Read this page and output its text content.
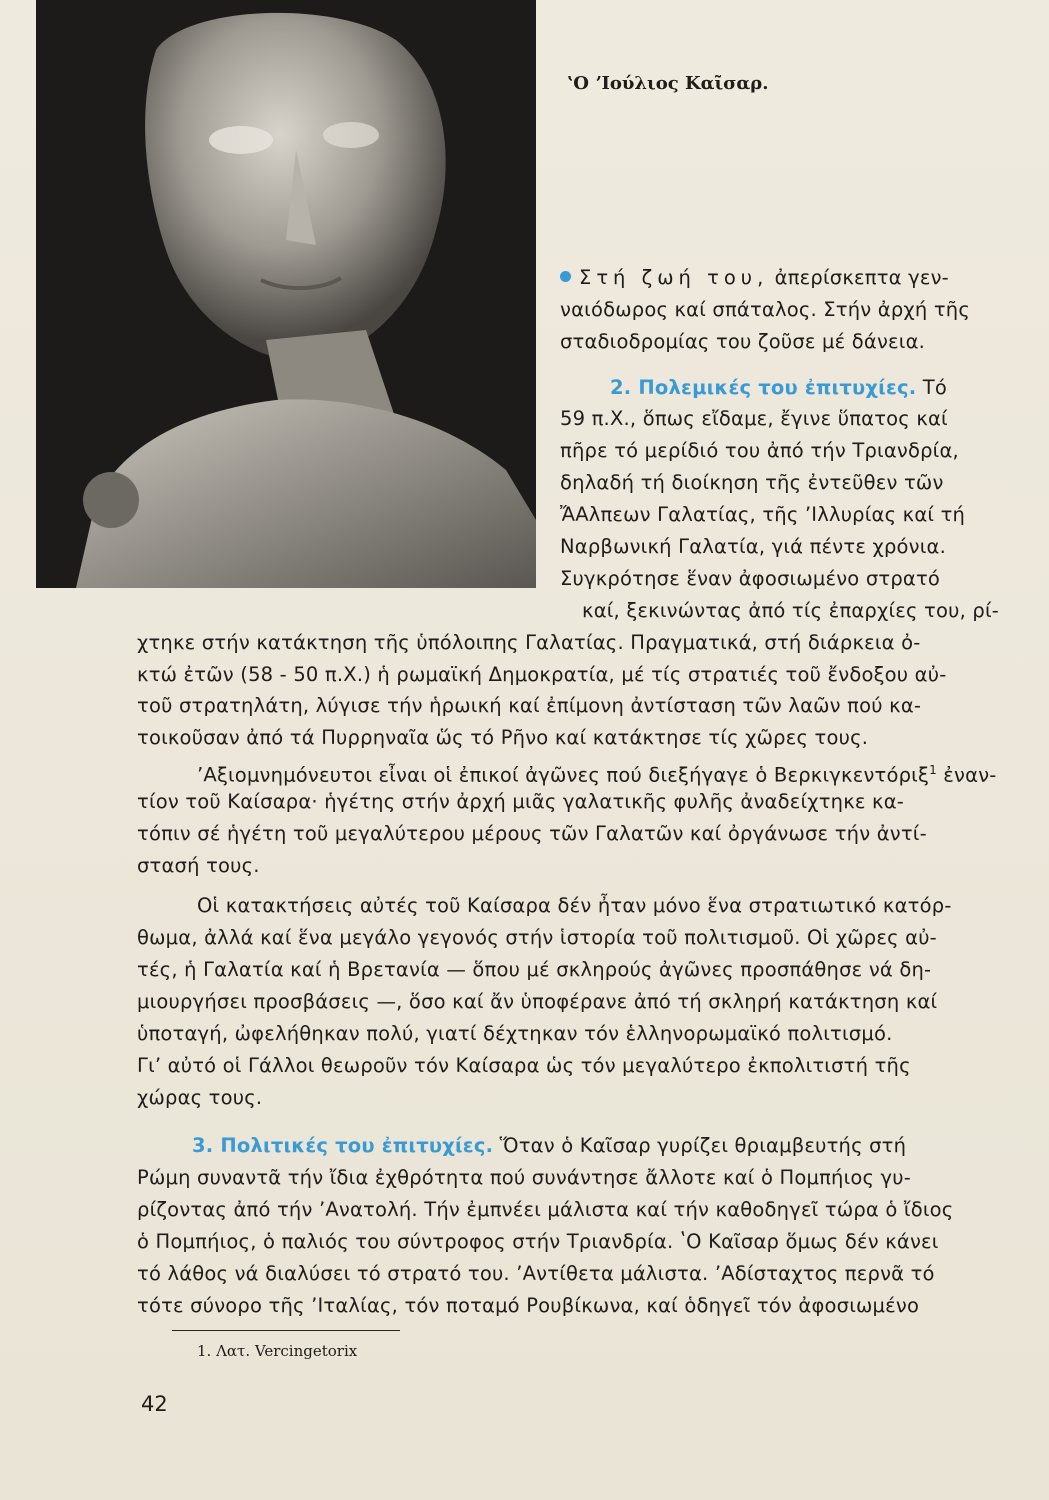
ʽΟ ʼΙούλιος Καῖσαρ.
Στή ζωή του, ἀπερίσκεπτα γεν-
ναιόδωρος καί σπάταλος. Στήν ἀρχή τῆς
σταδιοδρομίας του ζοῦσε μέ δάνεια.
2. Πολεμικές του ἐπιτυχίες. Τό
59 π.Χ., ὅπως εἴδαμε, ἔγινε ὕπατος καί
πῆρε τό μερίδιό του ἀπό τήν Τριανδρία,
δηλαδή τή διοίκηση τῆς ἐντεῦθεν τῶν
ἌΑλπεων Γαλατίας, τῆς ʼΙλλυρίας καί τή
Ναρβωνική Γαλατία, γιά πέντε χρόνια.
Συγκρότησε ἕναν ἀφοσιωμένο στρατό
καί, ξεκινώντας ἀπό τίς ἐπαρχίες του, ρί-
χτηκε στήν κατάκτηση τῆς ὑπόλοιπης Γαλατίας. Πραγματικά, στή διάρκεια ὀ-
κτώ ἐτῶν (58 - 50 π.Χ.) ἡ ρωμαϊκή Δημοκρατία, μέ τίς στρατιές τοῦ ἔνδοξου αὐ-
τοῦ στρατηλάτη, λύγισε τήν ἡρωική καί ἐπίμονη ἀντίσταση τῶν λαῶν πού κα-
τοικοῦσαν ἀπό τά Πυρρηναῖα ὥς τό Ρῆνο καί κατάκτησε τίς χῶρες τους.
ʼΑξιομνημόνευτοι εἶναι οἱ ἐπικοί ἀγῶνες πού διεξήγαγε ὁ Βερκιγκεντόριξ$^1$ ἐναν-
τίον τοῦ Καίσαρα· ἡγέτης στήν ἀρχή μιᾶς γαλατικῆς φυλῆς ἀναδείχτηκε κα-
τόπιν σέ ἡγέτη τοῦ μεγαλύτερου μέρους τῶν Γαλατῶν καί ὀργάνωσε τήν ἀντί-
στασή τους.
Οἱ κατακτήσεις αὐτές τοῦ Καίσαρα δέν ἦταν μόνο ἕνα στρατιωτικό κατόρ-
θωμα, ἀλλά καί ἕνα μεγάλο γεγονός στήν ἱστορία τοῦ πολιτισμοῦ. Οἱ χῶρες αὐ-
τές, ἡ Γαλατία καί ἡ Βρετανία — ὅπου μέ σκληρούς ἀγῶνες προσπάθησε νά δη-
μιουργήσει προσβάσεις —, ὅσο καί ἄν ὑποφέρανε ἀπό τή σκληρή κατάκτηση καί
ὑποταγή, ὠφελήθηκαν πολύ, γιατί δέχτηκαν τόν ἑλληνορωμαϊκό πολιτισμό.
Γιʼ αὐτό οἱ Γάλλοι θεωροῦν τόν Καίσαρα ὡς τόν μεγαλύτερο ἐκπολιτιστή τῆς
χώρας τους.
3. Πολιτικές του ἐπιτυχίες. Ὅταν ὁ Καῖσαρ γυρίζει θριαμβευτής στή
Ρώμη συναντᾶ τήν ἴδια ἐχθρότητα πού συνάντησε ἄλλοτε καί ὁ Πομπήιος γυ-
ρίζοντας ἀπό τήν ʼΑνατολή. Τήν ἐμπνέει μάλιστα καί τήν καθοδηγεῖ τώρα ὁ ἴδιος
ὁ Πομπήιος, ὁ παλιός του σύντροφος στήν Τριανδρία. ʽΟ Καῖσαρ ὅμως δέν κάνει
τό λάθος νά διαλύσει τό στρατό του. ʼΑντίθετα μάλιστα. ʼΑδίσταχτος περνᾶ τό
τότε σύνορο τῆς ʼΙταλίας, τόν ποταμό Ρουβίκωνα, καί ὁδηγεῖ τόν ἀφοσιωμένο
1. Λατ. Vercingetorix
42
